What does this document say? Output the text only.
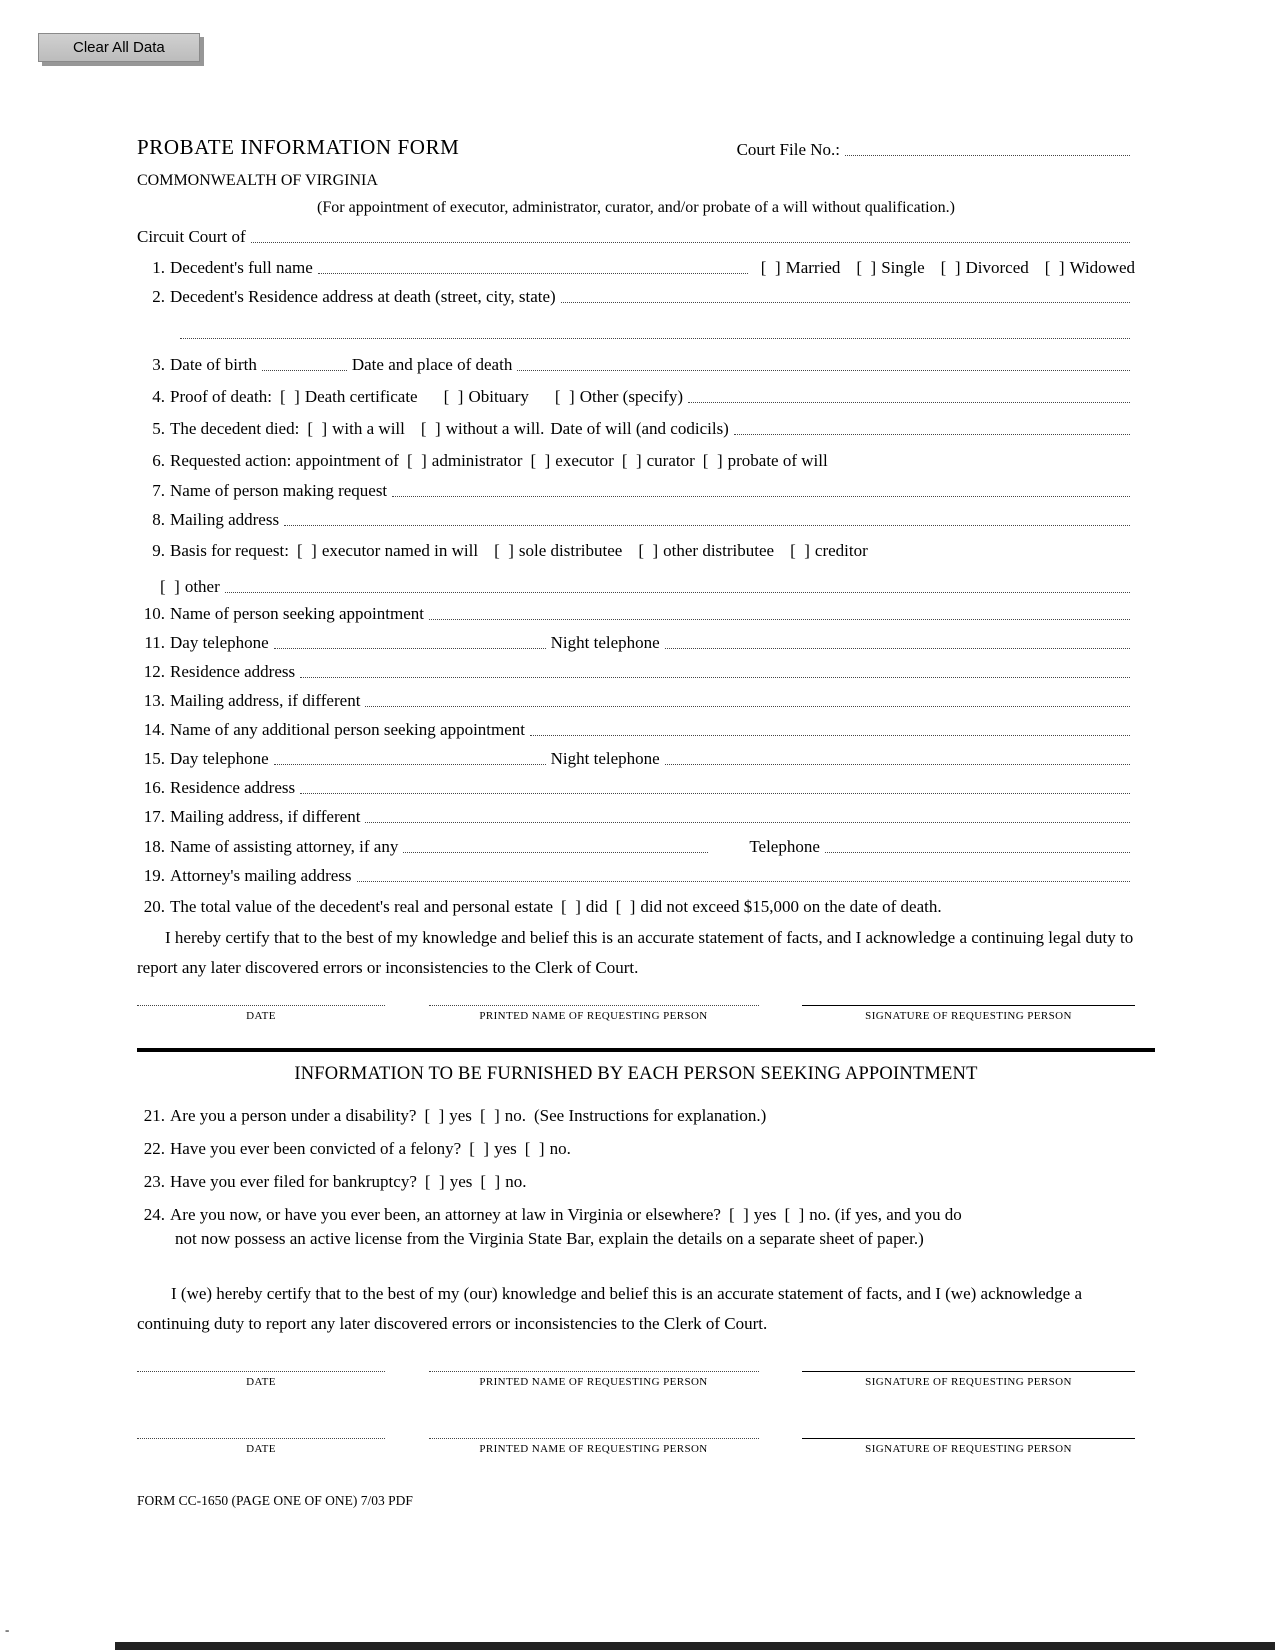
Clear All Data
PROBATE INFORMATION FORM	Court File No.:
COMMONWEALTH OF VIRGINIA
(For appointment of executor, administrator, curator, and/or probate of a will without qualification.)
Circuit Court of
1. Decedent's full name [  ]	Married [  ] Single [  ] Divorced [  ] Widowed
2. Decedent's Residence address at death (street, city, state)
3. Date of birth	Date and place of death
4. Proof of death: [  ] Death certificate [  ]	Obituary [  ]	Other (specify)
5. The decedent died: [  ] with a will [  ] without a will. Date of will (and codicils)
6. Requested action: appointment of [  ] administrator [  ] executor [  ] curator [  ] probate of will
7. Name of person making request
8. Mailing address
9. Basis for request: [  ] executor named in will [  ] sole distributee [  ] other distributee [  ] creditor
[  ]
other
10. Name of person seeking appointment
11. Day telephone	Night telephone
12. Residence address
13. Mailing address, if different
14. Name of any additional person seeking appointment
15. Day telephone	Night telephone
16. Residence address
17. Mailing address, if different
18. Name of assisting attorney, if any	Telephone
19. Attorney's mailing address
20. The total value of the decedent's real and personal estate [  ] did [  ] did not exceed $15,000 on the date of death.

I hereby certify that to the best of my knowledge and belief this is an accurate statement of facts, and I acknowledge a continuing legal duty to report any later discovered errors or inconsistencies to the Clerk of Court.

DATE	PRINTED NAME OF REQUESTING PERSON	SIGNATURE OF REQUESTING PERSON
INFORMATION TO BE FURNISHED BY EACH PERSON SEEKING APPOINTMENT
21. Are you a person under a disability? [  ] yes [  ] no. (See Instructions for explanation.)
22. Have you ever been convicted of a felony? [  ] yes [  ] no.
23. Have you ever filed for bankruptcy? [  ] yes [  ] no.
24. Are you now, or have you ever been, an attorney at law in Virginia or elsewhere? [  ] yes [  ] no. (if yes, and you do
not now possess an active license from the Virginia State Bar, explain the details on a separate sheet of paper.)

I (we) hereby certify that to the best of my (our) knowledge and belief this is an accurate statement of facts, and I (we) acknowledge a continuing duty to report any later discovered errors or inconsistencies to the Clerk of Court.

DATE	PRINTED NAME OF REQUESTING PERSON	SIGNATURE OF REQUESTING PERSON
DATE	PRINTED NAME OF REQUESTING PERSON	SIGNATURE OF REQUESTING PERSON
FORM CC-1650 (PAGE ONE OF ONE) 7/03 PDF
-
